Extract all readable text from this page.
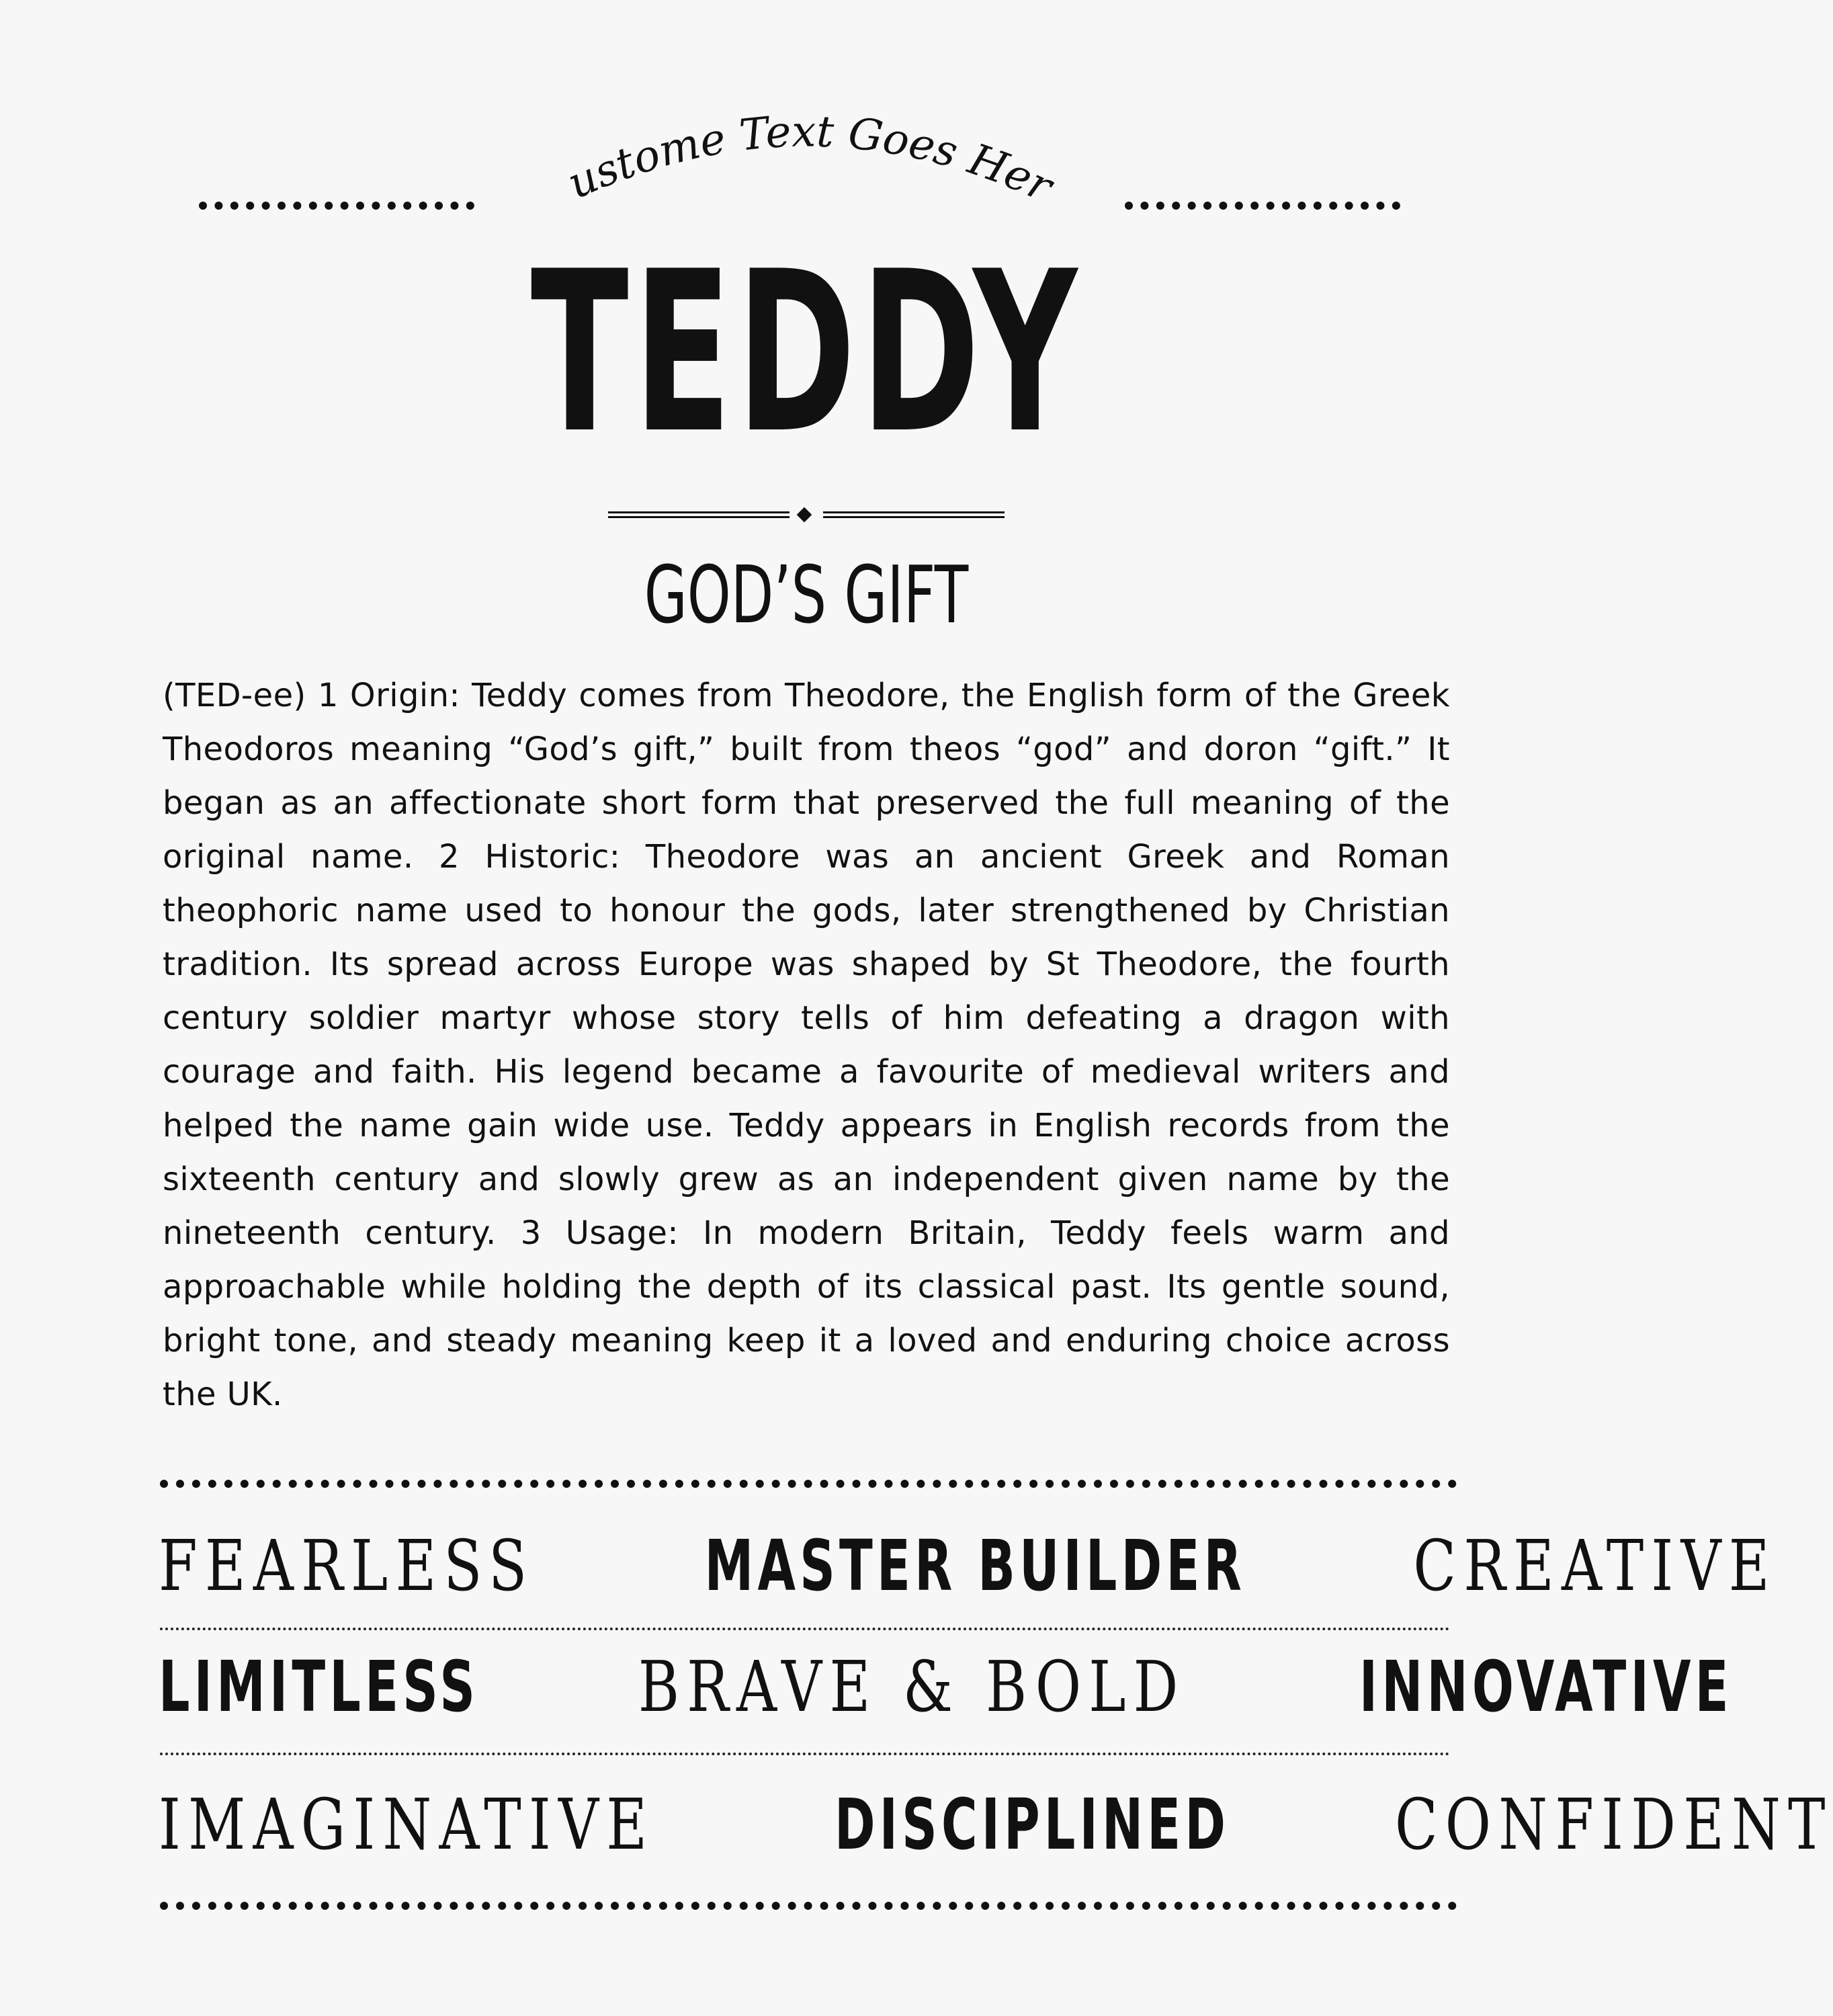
Custome Text Goes Here
TEDDY
GOD’S GIFT
(TED-ee) 1 Origin: Teddy comes from Theodore, the English form of the Greek Theodoros meaning “God’s gift,” built from theos “god” and doron “gift.” It began as an affectionate short form that preserved the full meaning of the original name. 2 Historic: Theodore was an ancient Greek and Roman theophoric name used to honour the gods, later strengthened by Christian tradition. Its spread across Europe was shaped by St Theodore, the fourth century soldier martyr whose story tells of him defeating a dragon with courage and faith. His legend became a favourite of medieval writers and helped the name gain wide use. Teddy appears in English records from the sixteenth century and slowly grew as an independent given name by the nineteenth century. 3 Usage: In modern Britain, Teddy feels warm and approachable while holding the depth of its classical past. Its gentle sound, bright tone, and steady meaning keep it a loved and enduring choice across the UK.
FEARLESS MASTER BUILDER CREATIVE
LIMITLESS BRAVE & BOLD INNOVATIVE
IMAGINATIVE	DISCIPLINED CONFIDENT
